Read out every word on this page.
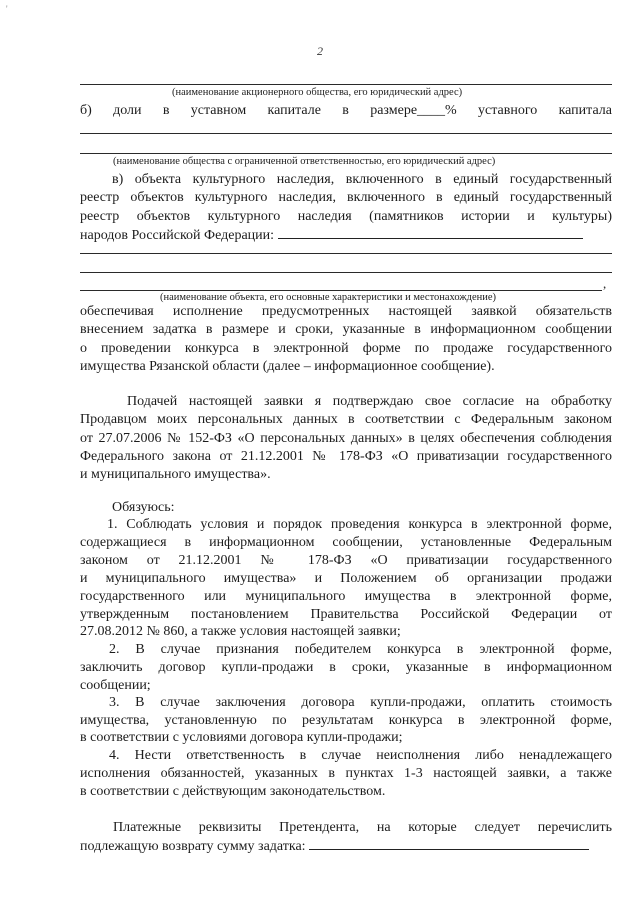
'
2
(наименование акционерного общества, его юридический адрес)
б) доли в уставном капитале в размере____% уставного капитала
(наименование общества с ограниченной ответственностью, его юридический адрес)
в) объекта культурного наследия, включенного в единый государственный
реестр объектов культурного наследия, включенного в единый государственный
реестр объектов культурного наследия (памятников истории и культуры)
народов Российской Федерации:
,
(наименование объекта, его основные характеристики и местонахождение)
обеспечивая исполнение предусмотренных настоящей заявкой обязательств
внесением задатка в размере и сроки, указанные в информационном сообщении
о проведении конкурса в электронной форме по продаже государственного
имущества Рязанской области (далее – информационное сообщение).
Подачей настоящей заявки я подтверждаю свое согласие на обработку
Продавцом моих персональных данных в соответствии с Федеральным законом
от 27.07.2006 № 152-ФЗ «О персональных данных» в целях обеспечения соблюдения
Федерального закона от 21.12.2001 № 178-ФЗ «О приватизации государственного
и муниципального имущества».
Обязуюсь:
1. Соблюдать условия и порядок проведения конкурса в электронной форме,
содержащиеся в информационном сообщении, установленные Федеральным
законом от 21.12.2001 № 178-ФЗ «О приватизации государственного
и муниципального имущества» и Положением об организации продажи
государственного или муниципального имущества в электронной форме,
утвержденным постановлением Правительства Российской Федерации от
27.08.2012 № 860, а также условия настоящей заявки;
2. В случае признания победителем конкурса в электронной форме,
заключить договор купли-продажи в сроки, указанные в информационном
сообщении;
3. В случае заключения договора купли-продажи, оплатить стоимость
имущества, установленную по результатам конкурса в электронной форме,
в соответствии с условиями договора купли-продажи;
4. Нести ответственность в случае неисполнения либо ненадлежащего
исполнения обязанностей, указанных в пунктах 1-3 настоящей заявки, а также
в соответствии с действующим законодательством.
Платежные реквизиты Претендента, на которые следует перечислить
подлежащую возврату сумму задатка:
